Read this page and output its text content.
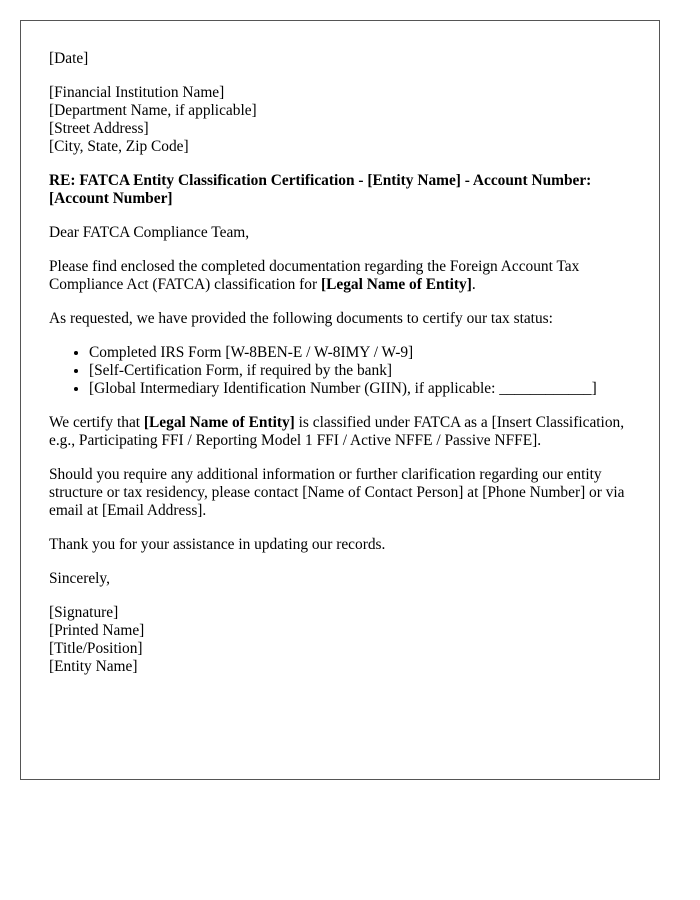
[Date]
[Financial Institution Name]
[Department Name, if applicable]
[Street Address]
[City, State, Zip Code]
RE: FATCA Entity Classification Certification - [Entity Name] - Account Number: [Account Number]

Dear FATCA Compliance Team,

Please find enclosed the completed documentation regarding the Foreign Account Tax Compliance Act (FATCA) classification for [Legal Name of Entity].

As requested, we have provided the following documents to certify our tax status:

• Completed IRS Form [W-8BEN-E / W-8IMY / W-9]
• [Self-Certification Form, if required by the bank]
• [Global Intermediary Identification Number (GIIN), if applicable: ____________]

We certify that [Legal Name of Entity] is classified under FATCA as a [Insert Classification, e.g., Participating FFI / Reporting Model 1 FFI / Active NFFE / Passive NFFE].

Should you require any additional information or further clarification regarding our entity structure or tax residency, please contact [Name of Contact Person] at [Phone Number] or via email at [Email Address].

Thank you for your assistance in updating our records.

Sincerely,

[Signature]
[Printed Name]
[Title/Position]
[Entity Name]
